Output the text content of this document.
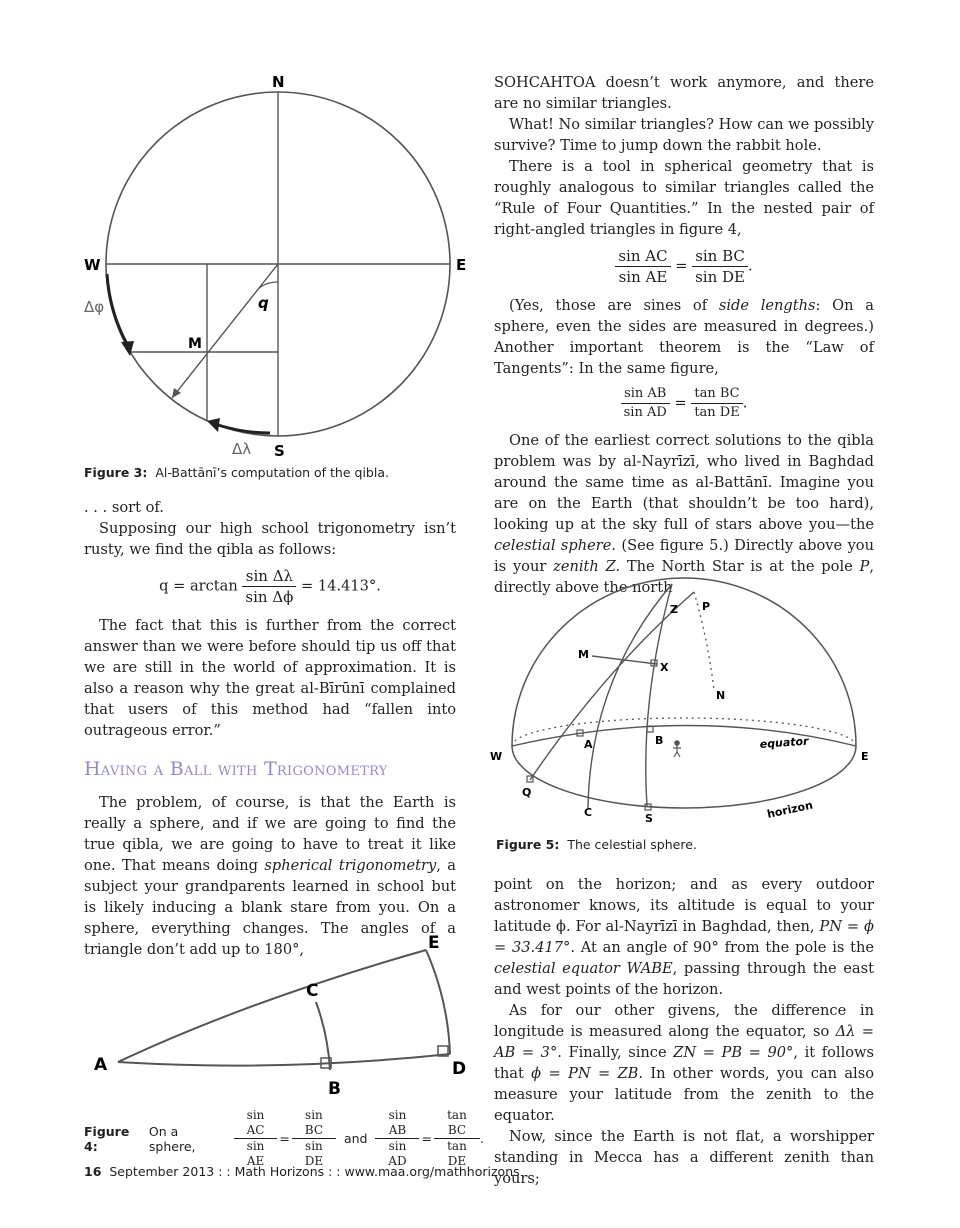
N
S
E
W
M
q
Δφ
Δλ
Figure 3: Al-Battānī’s computation of the qibla.

. . . sort of.

Supposing our high school trigonometry isn’t rusty, we find the qibla as follows:

$q = \arctan \frac{\text{sin Δλ}}{\text{sin Δϕ}} = 14.413^\circ$.

The fact that this is further from the correct answer than we were before should tip us off that we are still in the world of approximation. It is also a reason why the great al-Bīrūnī complained that users of this method had “fallen into outrageous error.”

Having a Ball with Trigonometry

The problem, of course, is that the Earth is really a sphere, and if we are going to find the true qibla, we are going to have to treat it like one. That means doing spherical trigonometry, a subject your grandparents learned in school but is likely inducing a blank stare from you. On a sphere, everything changes. The angles of a triangle don’t add up to 180°,

A
B
C
D
E
Figure 4:

On a sphere,
	$\frac{\text{sin AC}}{\text{sin AE}} = \frac{\text{sin BC}}{\text{sin DE}}$
and
$\frac{\text{sin AB}}{\text{sin AD}} = \frac{\text{tan BC}}{\text{tan DE}}$ .

SOHCAHTOA doesn’t work anymore, and there are no similar triangles.

What! No similar triangles? How can we possibly survive? Time to jump down the rabbit hole.

There is a tool in spherical geometry that is roughly analogous to similar triangles called the “Rule of Four Quantities.” In the nested pair of right-angled triangles in figure 4,

$\frac{\text{sin AC}}{\text{sin AE}} = \frac{\text{sin BC}}{\text{sin DE}}$ .

(Yes, those are sines of side lengths: On a sphere, even the sides are measured in degrees.) Another important theorem is the “Law of Tangents”: In the same figure,

$\frac{\text{sin AB}}{\text{sin AD}} = \frac{\text{tan BC}}{\text{tan DE}}$ .

One of the earliest correct solutions to the qibla problem was by al-Nayrīzī, who lived in Baghdad around the same time as al-Battānī. Imagine you are on the Earth (that shouldn’t be too hard), looking up at the sky full of stars above you—the celestial sphere. (See figure 5.) Directly above you is your zenith Z. The North Star is at the pole P, directly above the north

Z P
M
X
N
A	B
W	E
Q
C	S
equator
horizon
Figure 5: The celestial sphere.

point on the horizon; and as every outdoor astronomer knows, its altitude is equal to your latitude ϕ. For al-Nayrīzī in Baghdad, then, PN = ϕ = 33.417°. At an angle of 90° from the pole is the celestial equator WABE, passing through the east and west points of the horizon.

As for our other givens, the difference in longitude is measured along the equator, so Δλ = AB = 3°. Finally, since ZN = PB = 90°, it follows that ϕ = PN = ZB. In other words, you can also measure your latitude from the zenith to the equator.

Now, since the Earth is not flat, a worshipper standing in Mecca has a different zenith than yours;

16 September 2013 : : Math Horizons : : www.maa.org/mathhorizons
